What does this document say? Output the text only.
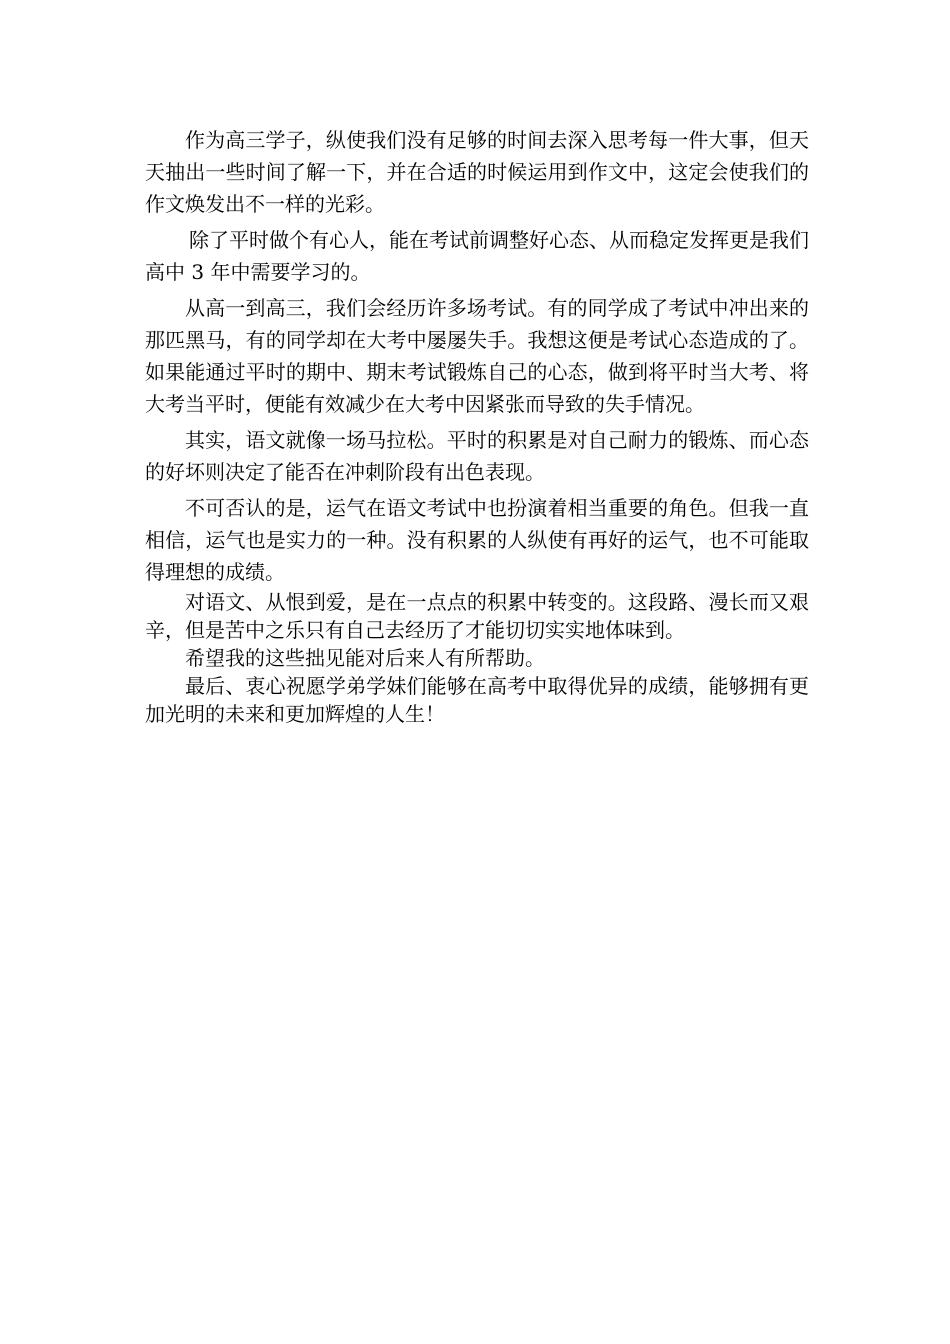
作为高三学子，纵使我们没有足够的时间去深入思考每一件大事，但天天抽出一些时间了解一下，并在合适的时候运用到作文中，这定会使我们的作文焕发出不一样的光彩。

除了平时做个有心人，能在考试前调整好心态、从而稳定发挥更是我们高中 3 年中需要学习的。

从高一到高三，我们会经历许多场考试。有的同学成了考试中冲出来的那匹黑马，有的同学却在大考中屡屡失手。我想这便是考试心态造成的了。如果能通过平时的期中、期末考试锻炼自己的心态，做到将平时当大考、将大考当平时，便能有效减少在大考中因紧张而导致的失手情况。

其实，语文就像一场马拉松。平时的积累是对自己耐力的锻炼、而心态的好坏则决定了能否在冲刺阶段有出色表现。

不可否认的是，运气在语文考试中也扮演着相当重要的角色。但我一直相信，运气也是实力的一种。没有积累的人纵使有再好的运气，也不可能取得理想的成绩。

对语文、从恨到爱，是在一点点的积累中转变的。这段路、漫长而又艰辛，但是苦中之乐只有自己去经历了才能切切实实地体味到。

希望我的这些拙见能对后来人有所帮助。

最后、衷心祝愿学弟学妹们能够在高考中取得优异的成绩，能够拥有更加光明的未来和更加辉煌的人生！
